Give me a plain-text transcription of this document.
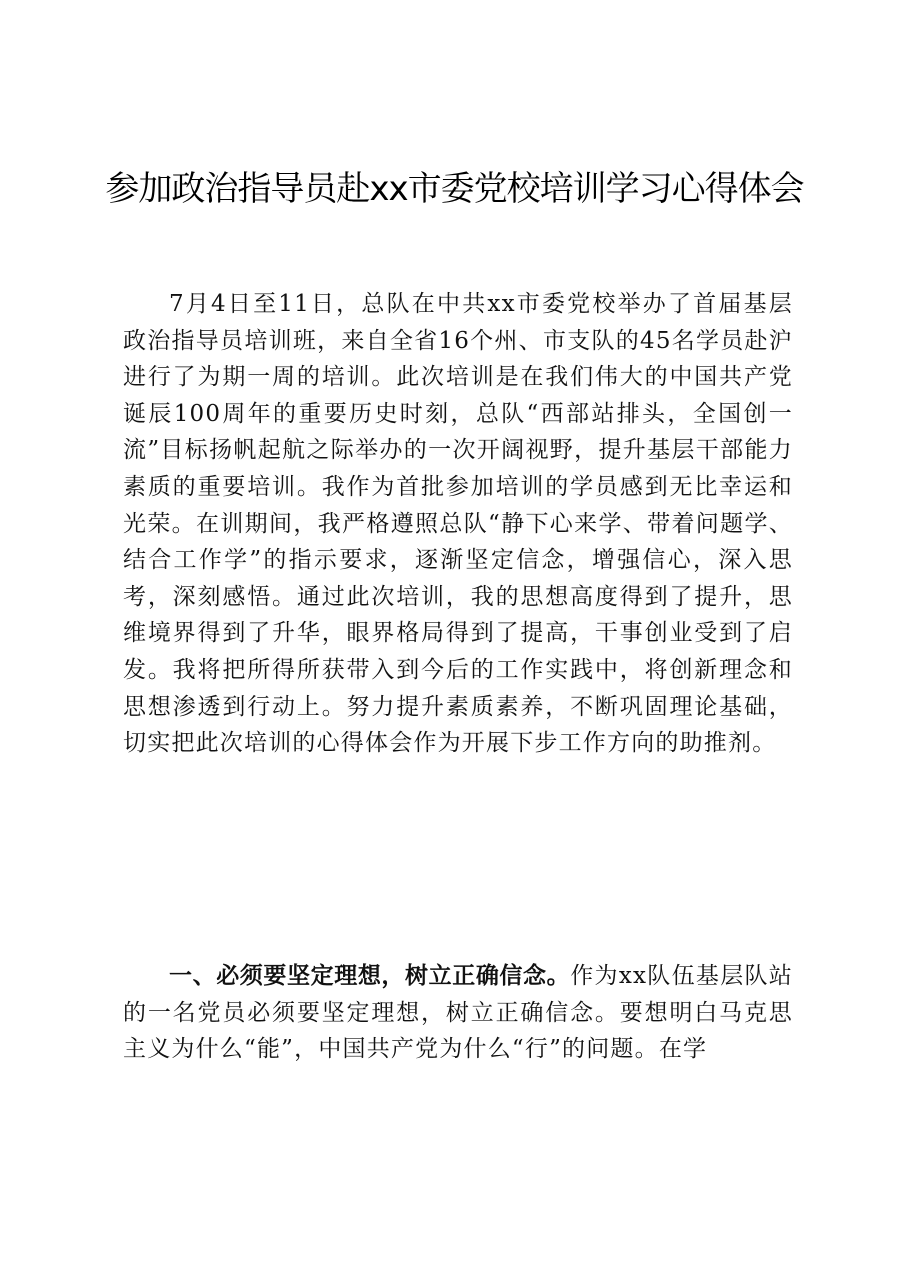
参加政治指导员赴xx市委党校培训学习心得体会

7月4日至11日，总队在中共xx市委党校举办了首届基层政治指导员培训班，来自全省16个州、市支队的45名学员赴沪进行了为期一周的培训。此次培训是在我们伟大的中国共产党诞辰100周年的重要历史时刻，总队“西部站排头，全国创一流”目标扬帆起航之际举办的一次开阔视野，提升基层干部能力素质的重要培训。我作为首批参加培训的学员感到无比幸运和光荣。在训期间，我严格遵照总队“静下心来学、带着问题学、结合工作学”的指示要求，逐渐坚定信念，增强信心，深入思考，深刻感悟。通过此次培训，我的思想高度得到了提升，思维境界得到了升华，眼界格局得到了提高，干事创业受到了启发。我将把所得所获带入到今后的工作实践中，将创新理念和思想渗透到行动上。努力提升素质素养，不断巩固理论基础，切实把此次培训的心得体会作为开展下步工作方向的助推剂。

一、必须要坚定理想，树立正确信念。作为xx队伍基层队站的一名党员必须要坚定理想，树立正确信念。要想明白马克思主义为什么“能”，中国共产党为什么“行”的问题。在学
